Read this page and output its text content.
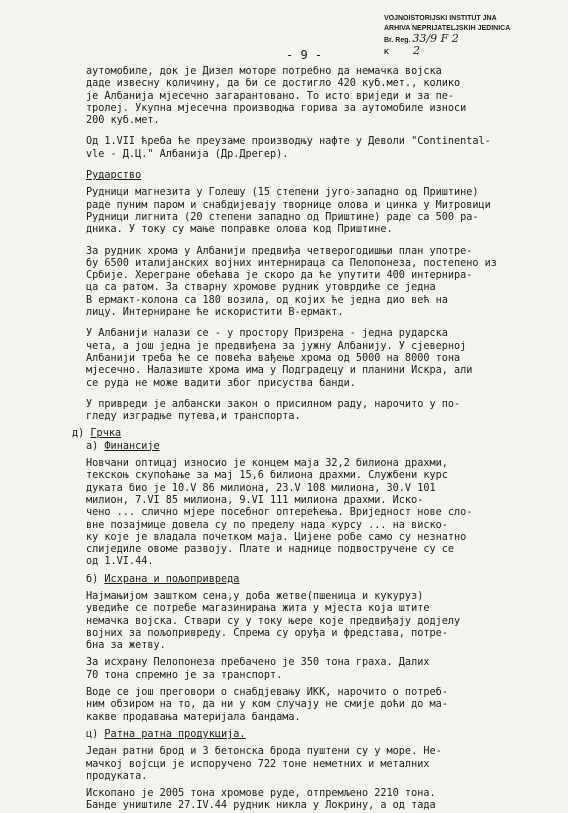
VOJNOISTORIJSKI INSTITUT JNA
ARHIVA NEPRIJATELJSKIH JEDINICA
Br. Reg. 33/9 F 2
K 2
- 9 -
аутомобиле, док је Дизел моторе потребно да немачка војска
даде извесну количину, да би се достигло 420 куб.мет., колико
је Албанија мјесечно загарантовано. То исто вриједи и за пе-
тролеј. Укупна мјесечна производња горива за аутомобиле износи
200 куб.мет.
Од 1.VII ћреба ће преузаме производњу нафте у Деволи "Continental-
vle - Д.Ц." Албанија (Др.Дрегер).
Рударство
Рудници магнезита у Голешу (15 степени југо-западно од Приштине)
раде пуним паром и снабдијевају творнице олова и цинка у Митровици
Рудници лигнита (20 степени западно од Приштине) раде са 500 ра-
дника. У току су мање поправке олова код Приштине.
За рудник хрома у Албанији предвиђа четверогодишњи план употре-
бу 6500 италијанских војних интернираца са Пелопонеза, постепено из
Србије. Херегране обећава је скоро да ће упутити 400 интернира-
ца са ратом. За стварну хромове рудник утоврдиће се једна
В ермакт-колона са 180 возила, од којих ће једна дио већ на
лицу. Интерниране ће искористити В-ермакт.
У Албанији налази се - у простору Призрена - једна рударска
чета, а још једна је предвиђена за јужну Албанију. У сјеверној
Албанији треба ће се повећа вађење хрома од 5000 на 8000 тона
мјесечно. Налазиште хрома има у Подградецу и планини Искра, али
се руда не може вадити због присуства банди.
У привреди је албански закон о присилном раду, нарочито у по-
гледу изградње путева,и транспорта.
д) Грчка
а) Финансије
Новчани оптицај износио је концем маја 32,2 билиона драхми,
текскоњ скупоћање за мај 15,6 билиона драхми. Службени курс
дуката био је 10.V 86 милиона, 23.V 108 милиона, 30.V 101
милион, 7.VI 85 милиона, 9.VI 111 милиона драхми. Иско-
чено ... слично мјере посебног оптерећења. Вриједност нове сло-
вне позајмице довела су по пределу нада курсу ... на виско-
ку које је владала почетком маја. Цијене робе само су незнатно
слиједиле овоме развоју. Плате и наднице подвостручене су се
од 1.VI.44.
б) Исхрана и пољопривреда
Најмањијом заштком сена,у доба жетве(пшеница и кукуруз)
уведиће се потребе магазинирања жита у мјеста која штите
немачка војска. Ствари су у току њере које предвиђају додјелу
војних за пољопривреду. Спрема су оруђа и фредстава, потре-
бна за жетву.
За исхрану Пелопонеза пребачено је 350 тона граха. Далих
70 тона спремно је за транспорт.
Воде се још преговори о снабдјевању ИКК, нарочито о потреб-
ним обзиром на то, да ни у ком случају не смије доћи до ма-
какве продавања материјала бандама.
ц) Ратна ратна продукција.
Један ратни брод и 3 бетонска брода пуштени су у море. Не-
мачкој војсци је испоручено 722 тоне неметних и металних
продуката.
Ископано је 2005 тона хромове руде, отпремљено 2210 тона.
Банде уништиле 27.IV.44 рудник никла у Локрину, а од тада
